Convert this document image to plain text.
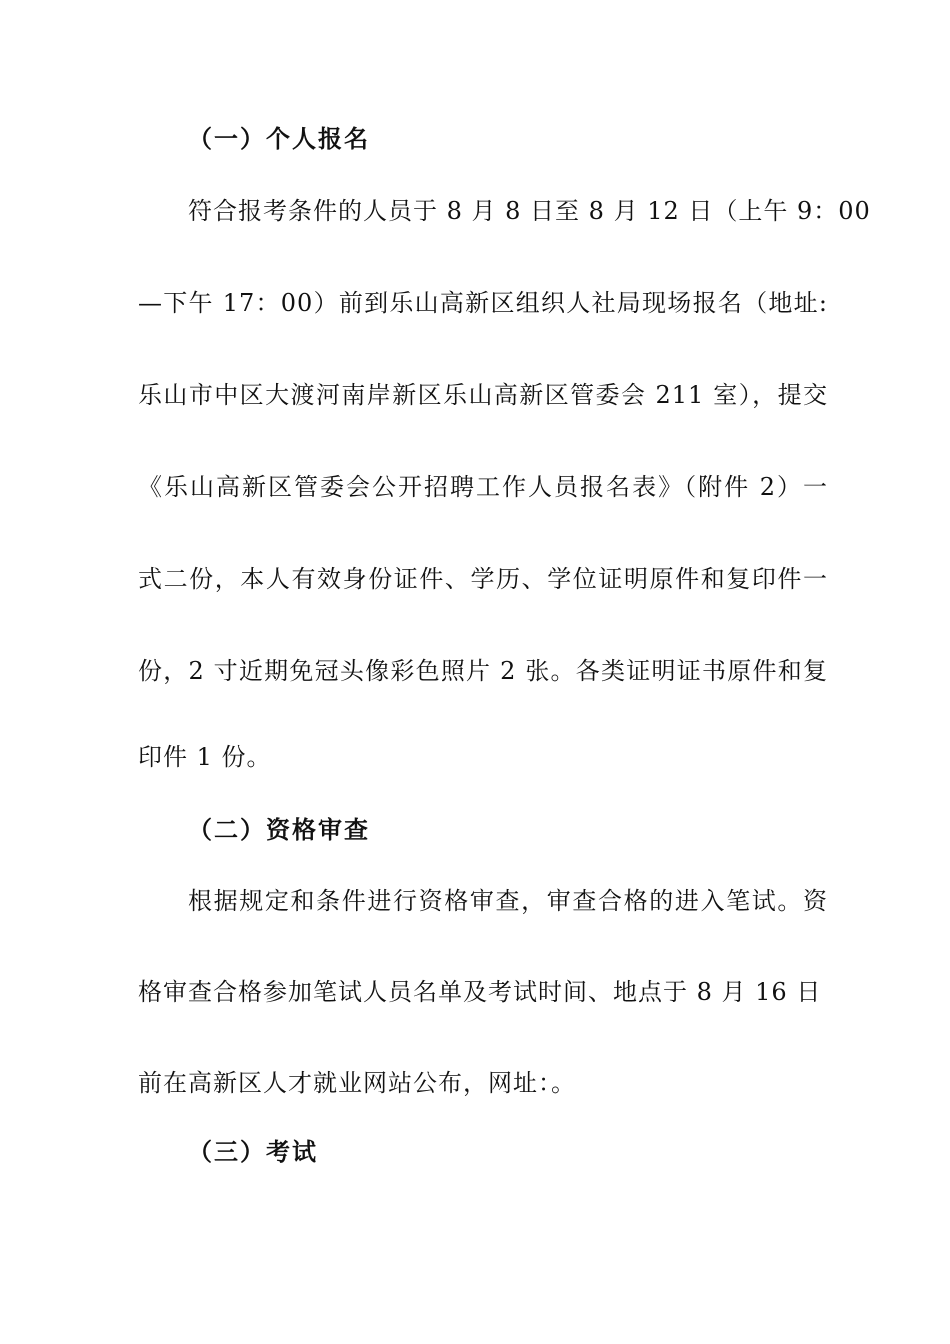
（一）个人报名
符合报考条件的人员于 8 月 8 日至 8 月 12 日（上午 9：00
—下午 17：00）前到乐山高新区组织人社局现场报名（地址:
乐山市中区大渡河南岸新区乐山高新区管委会 211 室），提交
《乐山高新区管委会公开招聘工作人员报名表》（附件 2）一
式二份，本人有效身份证件、学历、学位证明原件和复印件一
份，2 寸近期免冠头像彩色照片 2 张。各类证明证书原件和复
印件 1 份。
（二）资格审查
根据规定和条件进行资格审查，审查合格的进入笔试。资
格审查合格参加笔试人员名单及考试时间、地点于 8 月 16 日
前在高新区人才就业网站公布，网址：。
（三）考试
